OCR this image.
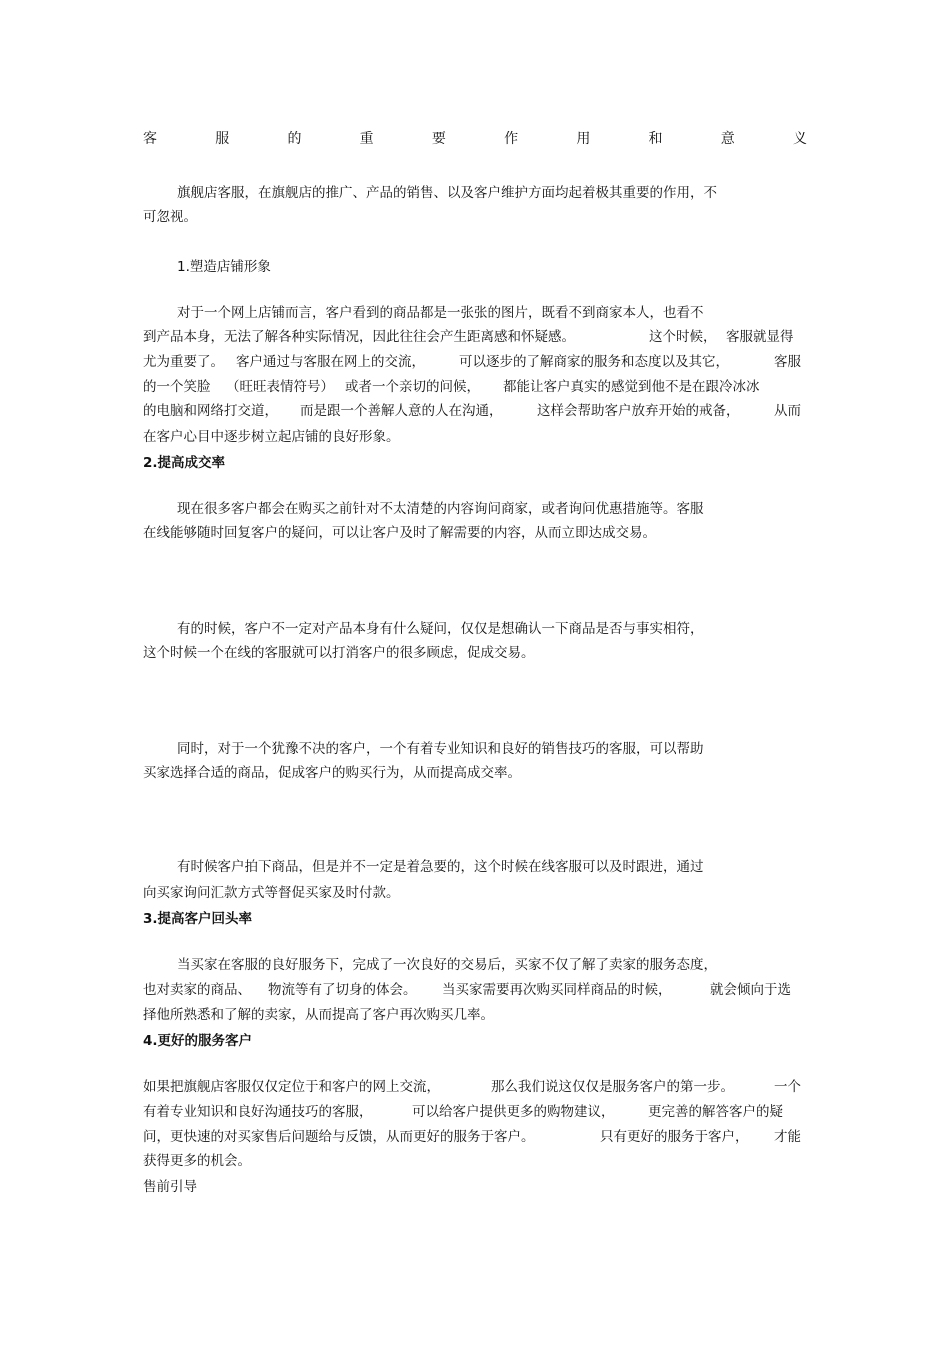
客	服	的	重	要	作	用	和	意	义
旗舰店客服，在旗舰店的推广、产品的销售、以及客户维护方面均起着极其重要的作用，不
可忽视。
1.塑造店铺形象
对于一个网上店铺而言，客户看到的商品都是一张张的图片，既看不到商家本人，也看不
到产品本身，无法了解各种实际情况，因此往往会产生距离感和怀疑感。	这个时候， 客服就显得
尤为重要了。 客户通过与客服在网上的交流，	可以逐步的了解商家的服务和态度以及其它，	客服
的一个笑脸 （旺旺表情符号） 或者一个亲切的问候， 都能让客户真实的感觉到他不是在跟冷冰冰
的电脑和网络打交道， 而是跟一个善解人意的人在沟通，	这样会帮助客户放弃开始的戒备，	从而
在客户心目中逐步树立起店铺的良好形象。
2.提高成交率
现在很多客户都会在购买之前针对不太清楚的内容询问商家，或者询问优惠措施等。客服
在线能够随时回复客户的疑问，可以让客户及时了解需要的内容，从而立即达成交易。
有的时候，客户不一定对产品本身有什么疑问，仅仅是想确认一下商品是否与事实相符，
这个时候一个在线的客服就可以打消客户的很多顾虑，促成交易。
同时，对于一个犹豫不决的客户，一个有着专业知识和良好的销售技巧的客服，可以帮助
买家选择合适的商品，促成客户的购买行为，从而提高成交率。
有时候客户拍下商品，但是并不一定是着急要的，这个时候在线客服可以及时跟进，通过
向买家询问汇款方式等督促买家及时付款。
3.提高客户回头率
当买家在客服的良好服务下，完成了一次良好的交易后，买家不仅了解了卖家的服务态度，
也对卖家的商品、 物流等有了切身的体会。 当买家需要再次购买同样商品的时候，	就会倾向于选
择他所熟悉和了解的卖家，从而提高了客户再次购买几率。
4.更好的服务客户
如果把旗舰店客服仅仅定位于和客户的网上交流，	那么我们说这仅仅是服务客户的第一步。	一个
有着专业知识和良好沟通技巧的客服，	可以给客户提供更多的购物建议， 更完善的解答客户的疑
问，更快速的对买家售后问题给与反馈，从而更好的服务于客户。	只有更好的服务于客户， 才能
获得更多的机会。
售前引导
